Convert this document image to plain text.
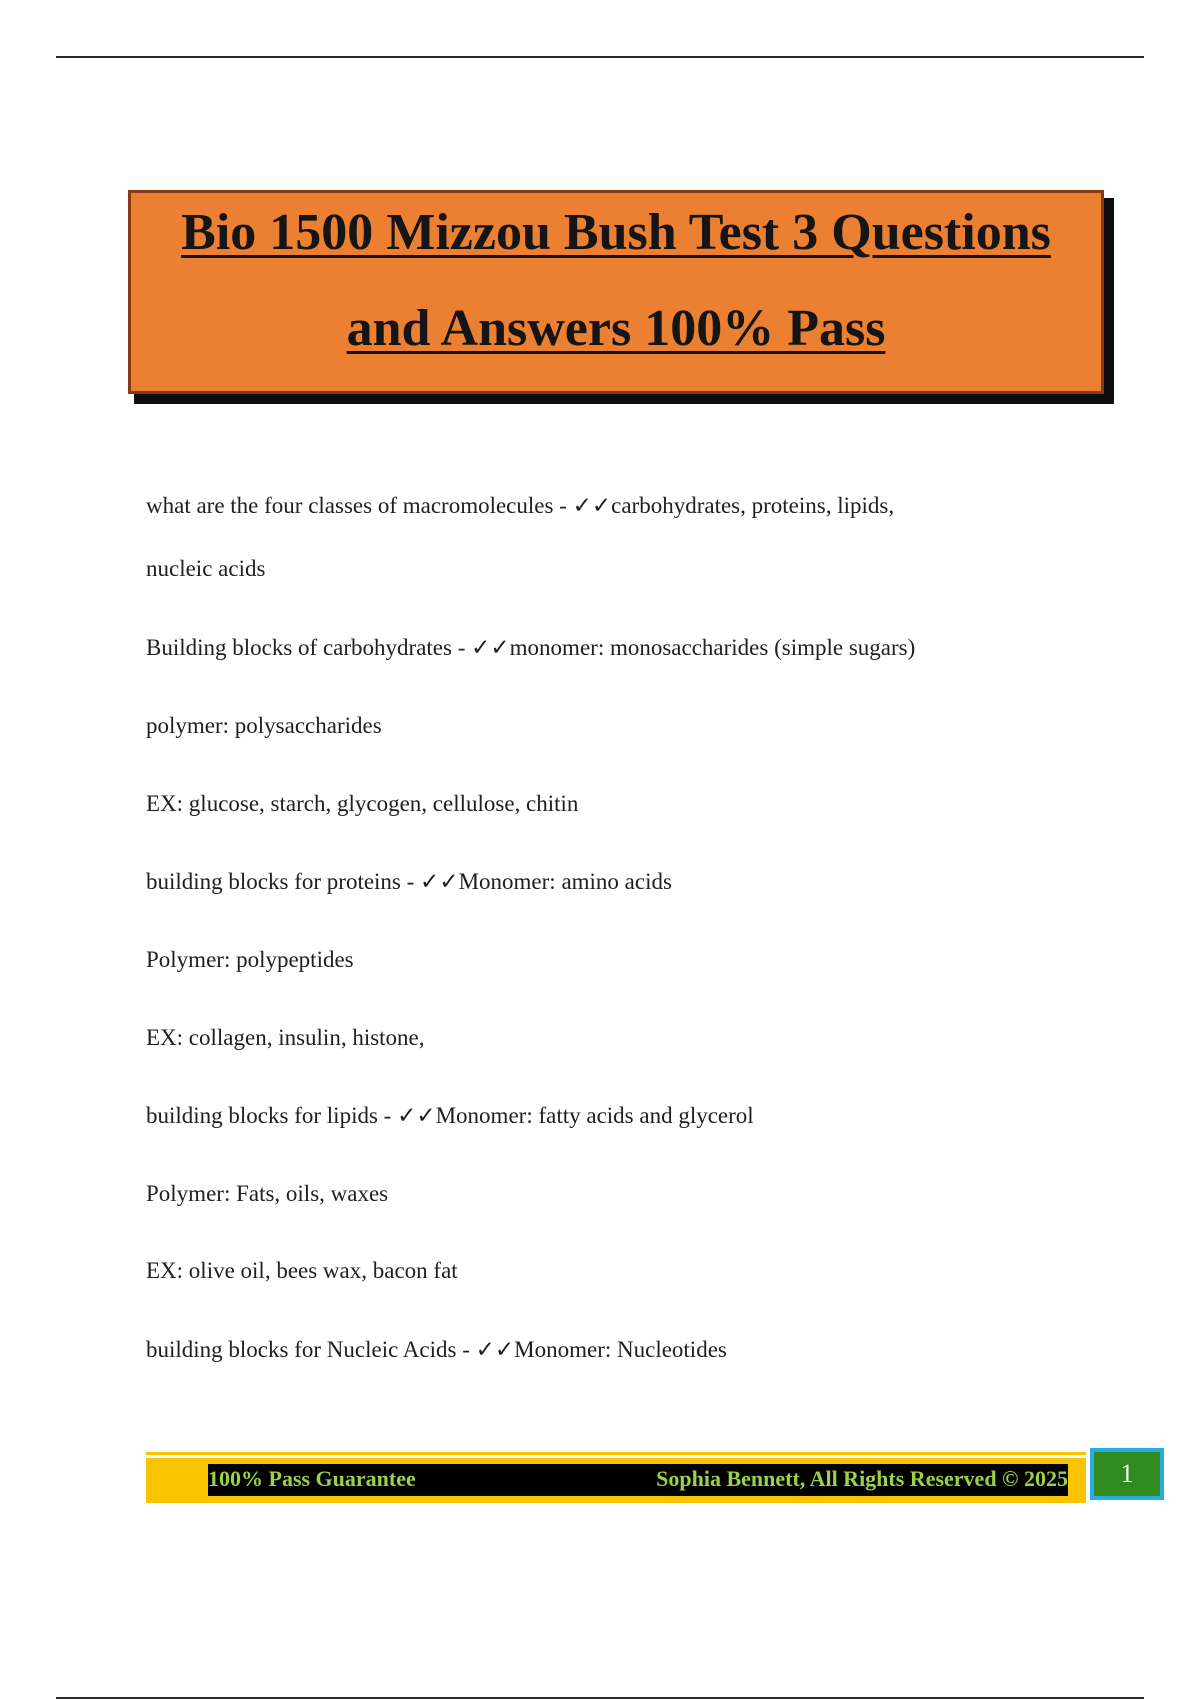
Bio 1500 Mizzou Bush Test 3 Questions
and Answers 100% Pass
what are the four classes of macromolecules - ✓✓carbohydrates, proteins, lipids,
nucleic acids
Building blocks of carbohydrates - ✓✓monomer: monosaccharides (simple sugars)
polymer: polysaccharides
EX: glucose, starch, glycogen, cellulose, chitin
building blocks for proteins - ✓✓Monomer: amino acids
Polymer: polypeptides
EX: collagen, insulin, histone,
building blocks for lipids - ✓✓Monomer: fatty acids and glycerol
Polymer: Fats, oils, waxes
EX: olive oil, bees wax, bacon fat
building blocks for Nucleic Acids - ✓✓Monomer: Nucleotides
100% Pass Guarantee	Sophia Bennett, All Rights Reserved © 2025	1
